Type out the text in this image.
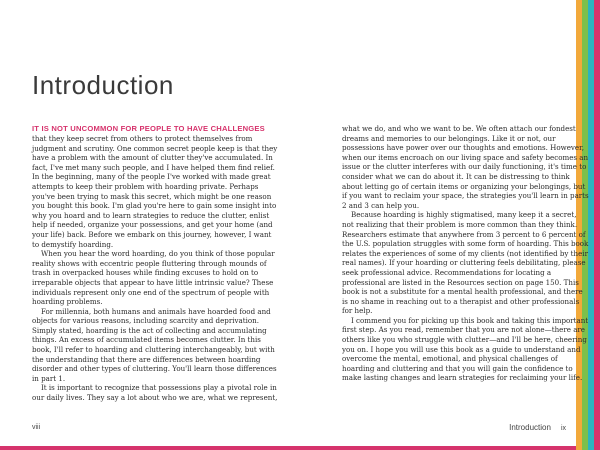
Introduction

IT IS NOT UNCOMMON FOR PEOPLE TO HAVE CHALLENGES
that they keep secret from others to protect themselves from judgment and scrutiny. One common secret people keep is that they have a problem with the amount of clutter they've accumulated. In fact, I've met many such people, and I have helped them find relief. In the beginning, many of the people I've worked with made great attempts to keep their problem with hoarding private. Perhaps you've been trying to mask this secret, which might be one reason you bought this book. I'm glad you're here to gain some insight into why you hoard and to learn strategies to reduce the clutter, enlist help if needed, organize your possessions, and get your home (and your life) back. Before we embark on this journey, however, I want to demystify hoarding.

When you hear the word hoarding, do you think of those popular reality shows with eccentric people fluttering through mounds of trash in overpacked houses while finding excuses to hold on to irreparable objects that appear to have little intrinsic value? These individuals represent only one end of the spectrum of people with hoarding problems.

For millennia, both humans and animals have hoarded food and objects for various reasons, including scarcity and deprivation. Simply stated, hoarding is the act of collecting and accumulating things. An excess of accumulated items becomes clutter. In this book, I'll refer to hoarding and cluttering interchangeably, but with the understanding that there are differences between hoarding disorder and other types of cluttering. You'll learn those differences in part 1.

It is important to recognize that possessions play a pivotal role in our daily lives. They say a lot about who we are, what we represent,

what we do, and who we want to be. We often attach our fondest dreams and memories to our belongings. Like it or not, our possessions have power over our thoughts and emotions. However, when our items encroach on our living space and safety becomes an issue or the clutter interferes with our daily functioning, it's time to consider what we can do about it. It can be distressing to think about letting go of certain items or organizing your belongings, but if you want to reclaim your space, the strategies you'll learn in parts 2 and 3 can help you.

Because hoarding is highly stigmatised, many keep it a secret, not realizing that their problem is more common than they think. Researchers estimate that anywhere from 3 percent to 6 percent of the U.S. population struggles with some form of hoarding. This book relates the experiences of some of my clients (not identified by their real names). If your hoarding or cluttering feels debilitating, please seek professional advice. Recommendations for locating a professional are listed in the Resources section on page 150. This book is not a substitute for a mental health professional, and there is no shame in reaching out to a therapist and other professionals for help.

I commend you for picking up this book and taking this important first step. As you read, remember that you are not alone—there are others like you who struggle with clutter—and I'll be here, cheering you on. I hope you will use this book as a guide to understand and overcome the mental, emotional, and physical challenges of hoarding and cluttering and that you will gain the confidence to make lasting changes and learn strategies for reclaiming your life.

viii	Introduction ix
